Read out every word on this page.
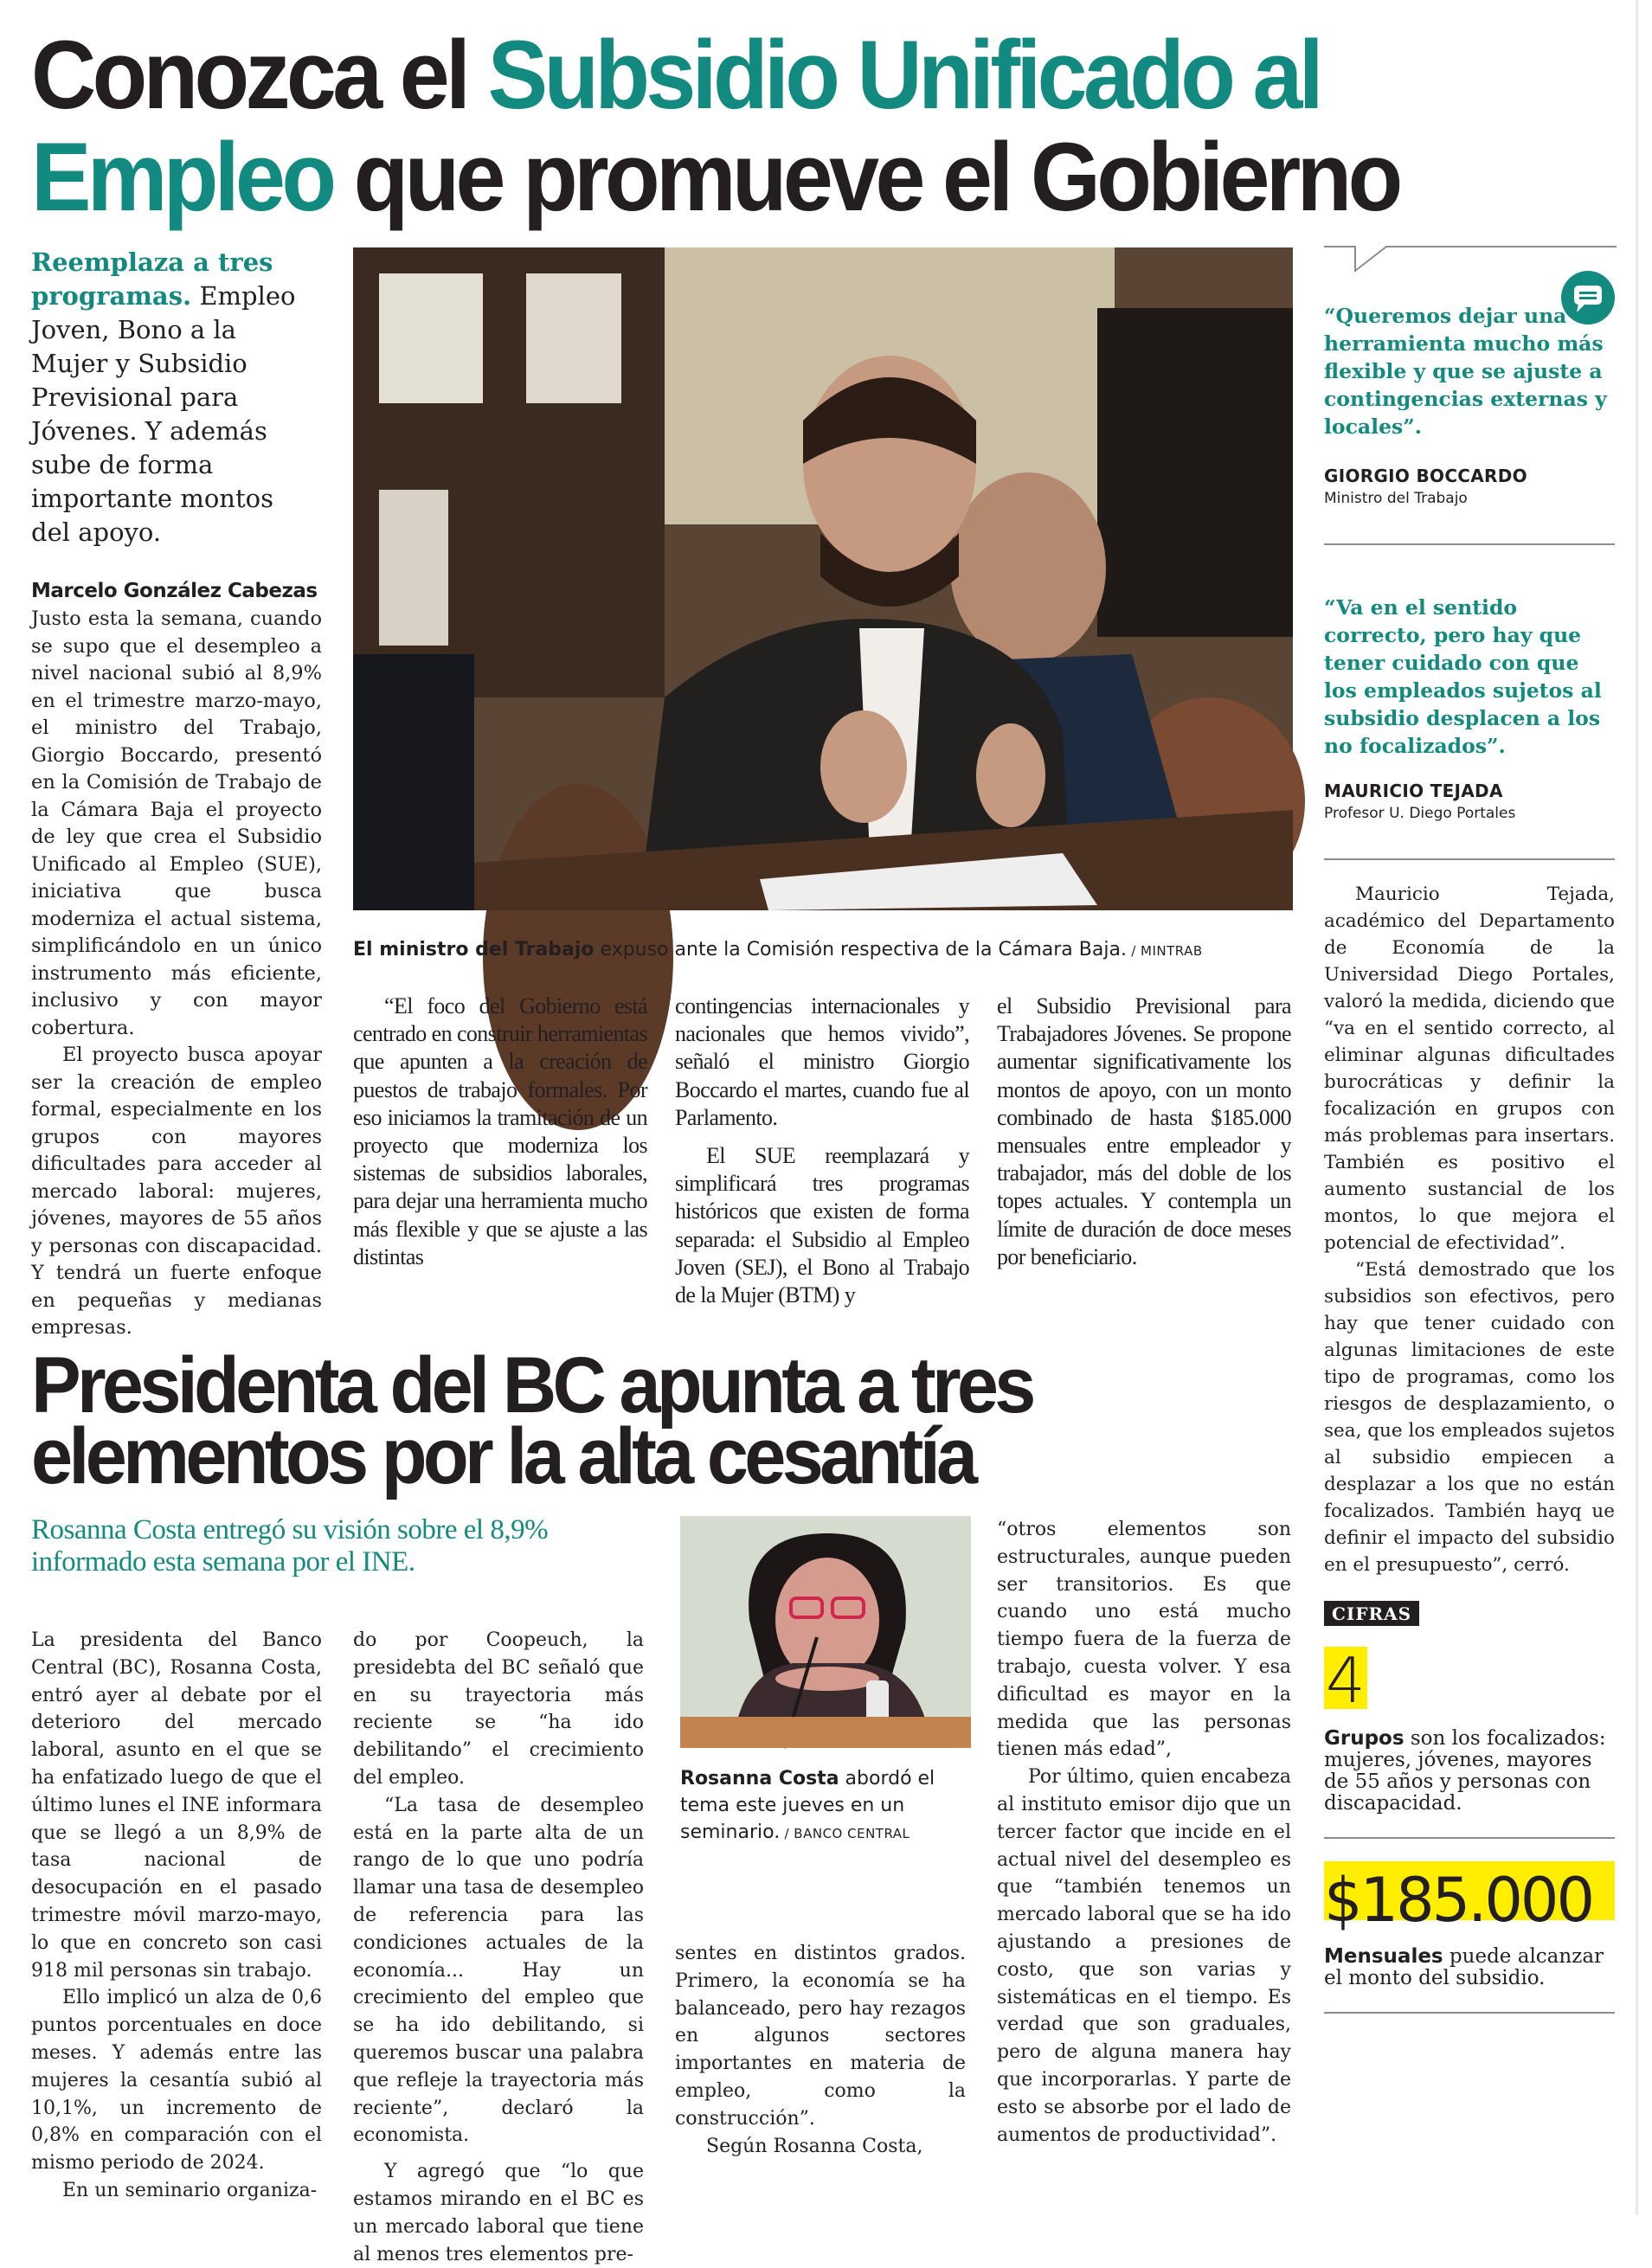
Conozca el Subsidio Unificado al
Empleo que promueve el Gobierno
Reemplaza a tres programas. Empleo Joven, Bono a la Mujer y Subsidio Previsional para Jóvenes. Y además sube de forma importante montos del apoyo.
Marcelo González Cabezas

Justo esta la semana, cuando se supo que el desempleo a nivel nacional subió al 8,9% en el trimestre marzo-mayo, el ministro del Trabajo, Giorgio Boccardo, presentó en la Comisión de Trabajo de la Cámara Baja el proyecto de ley que crea el Subsidio Unificado al Empleo (SUE), iniciativa que busca moderniza el actual sistema, simplificándolo en un único instrumento más eficiente, inclusivo y con mayor cobertura.

El proyecto busca apoyar ser la creación de empleo formal, especialmente en los grupos con mayores dificultades para acceder al mercado laboral: mujeres, jóvenes, mayores de 55 años y personas con discapacidad. Y tendrá un fuerte enfoque en pequeñas y medianas empresas.

El ministro del Trabajo expuso ante la Comisión respectiva de la Cámara Baja. / MINTRAB

“El foco del Gobierno está centrado en construir herramientas que apunten a la creación de puestos de trabajo formales. Por eso iniciamos la tramitación de un proyecto que moderniza los sistemas de subsidios laborales, para dejar una herramienta mucho más flexible y que se ajuste a las distintas

contingencias internacionales y nacionales que hemos vivido”, señaló el ministro Giorgio Boccardo el martes, cuando fue al Parlamento.

El SUE reemplazará y simplificará tres programas históricos que existen de forma separada: el Subsidio al Empleo Joven (SEJ), el Bono al Trabajo de la Mujer (BTM) y

el Subsidio Previsional para Trabajadores Jóvenes. Se propone aumentar significativamente los montos de apoyo, con un monto combinado de hasta $185.000 mensuales entre empleador y trabajador, más del doble de los topes actuales. Y contempla un límite de duración de doce meses por beneficiario.

“Queremos dejar una herramienta mucho más flexible y que se ajuste a contingencias externas y locales”.
GIORGIO BOCCARDO
Ministro del Trabajo
“Va en el sentido correcto, pero hay que tener cuidado con que los empleados sujetos al subsidio desplacen a los no focalizados”.
MAURICIO TEJADA
Profesor U. Diego Portales

Mauricio Tejada, académico del Departamento de Economía de la Universidad Diego Portales, valoró la medida, diciendo que “va en el sentido correcto, al eliminar algunas dificultades burocráticas y definir la focalización en grupos con más problemas para insertars. También es positivo el aumento sustancial de los montos, lo que mejora el potencial de efectividad”.

“Está demostrado que los subsidios son efectivos, pero hay que tener cuidado con algunas limitaciones de este tipo de programas, como los riesgos de desplazamiento, o sea, que los empleados sujetos al subsidio empiecen a desplazar a los que no están focalizados. También hayq ue definir el impacto del subsidio en el presupuesto”, cerró.

CIFRAS
4
Grupos son los focalizados: mujeres, jóvenes, mayores de 55 años y personas con discapacidad.
$185.000
Mensuales puede alcanzar el monto del subsidio.
Presidenta del BC apunta a tres
elementos por la alta cesantía
Rosanna Costa entregó su visión sobre el 8,9% informado esta semana por el INE.

La presidenta del Banco Central (BC), Rosanna Costa, entró ayer al debate por el deterioro del mercado laboral, asunto en el que se ha enfatizado luego de que el último lunes el INE informara que se llegó a un 8,9% de tasa nacional de desocupación en el pasado trimestre móvil marzo-mayo, lo que en concreto son casi 918 mil personas sin trabajo.

Ello implicó un alza de 0,6 puntos porcentuales en doce meses. Y además entre las mujeres la cesantía subió al 10,1%, un incremento de 0,8% en comparación con el mismo periodo de 2024.

En un seminario organiza-

do por Coopeuch, la presidebta del BC señaló que en su trayectoria más reciente se “ha ido debilitando” el crecimiento del empleo.

“La tasa de desempleo está en la parte alta de un rango de lo que uno podría llamar una tasa de desempleo de referencia para las condiciones actuales de la economía... Hay un crecimiento del empleo que se ha ido debilitando, si queremos buscar una palabra que refleje la trayectoria más reciente”, declaró la economista.

Y agregó que “lo que estamos mirando en el BC es un mercado laboral que tiene al menos tres elementos pre-

Rosanna Costa abordó el tema este jueves en un seminario. / BANCO CENTRAL

sentes en distintos grados. Primero, la economía se ha balanceado, pero hay rezagos en algunos sectores importantes en materia de empleo, como la construcción”.

Según Rosanna Costa,

“otros elementos son estructurales, aunque pueden ser transitorios. Es que cuando uno está mucho tiempo fuera de la fuerza de trabajo, cuesta volver. Y esa dificultad es mayor en la medida que las personas tienen más edad”,

Por último, quien encabeza al instituto emisor dijo que un tercer factor que incide en el actual nivel del desempleo es que “también tenemos un mercado laboral que se ha ido ajustando a presiones de costo, que son varias y sistemáticas en el tiempo. Es verdad que son graduales, pero de alguna manera hay que incorporarlas. Y parte de esto se absorbe por el lado de aumentos de productividad”.
